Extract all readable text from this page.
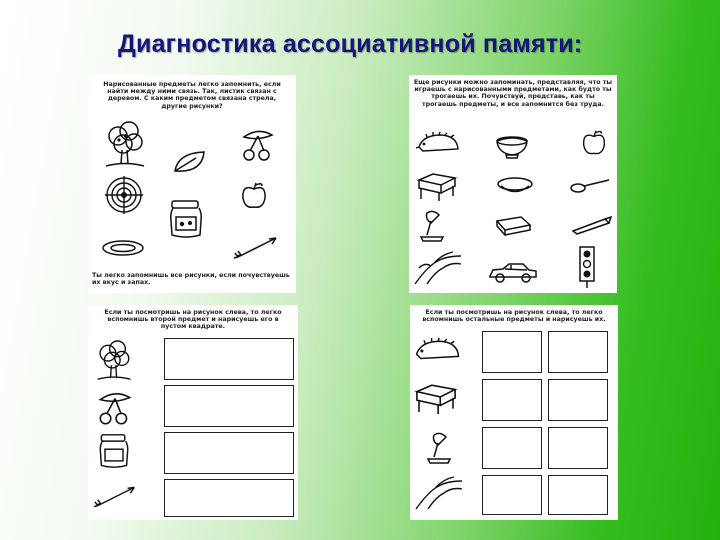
Диагностика ассоциативной памяти:
Нарисованные предметы легко запомнить, если найти между ними связь. Так, листик связан с деревом. С каким предметом связана стрела, другие рисунки?
Ты легко запомнишь все рисунки, если почувствуешь их вкус и запах.
Еще рисунки можно запоминать, представляя, что ты играешь с нарисованными предметами, как будто ты трогаешь их. Почувствуй, представь, как ты трогаешь предметы, и все запомнится без труда.
Если ты посмотришь на рисунок слева, то легко вспомнишь второй предмет и нарисуешь его в пустом квадрате.
Если ты посмотришь на рисунок слева, то легко вспомнишь остальные предметы и нарисуешь их.
